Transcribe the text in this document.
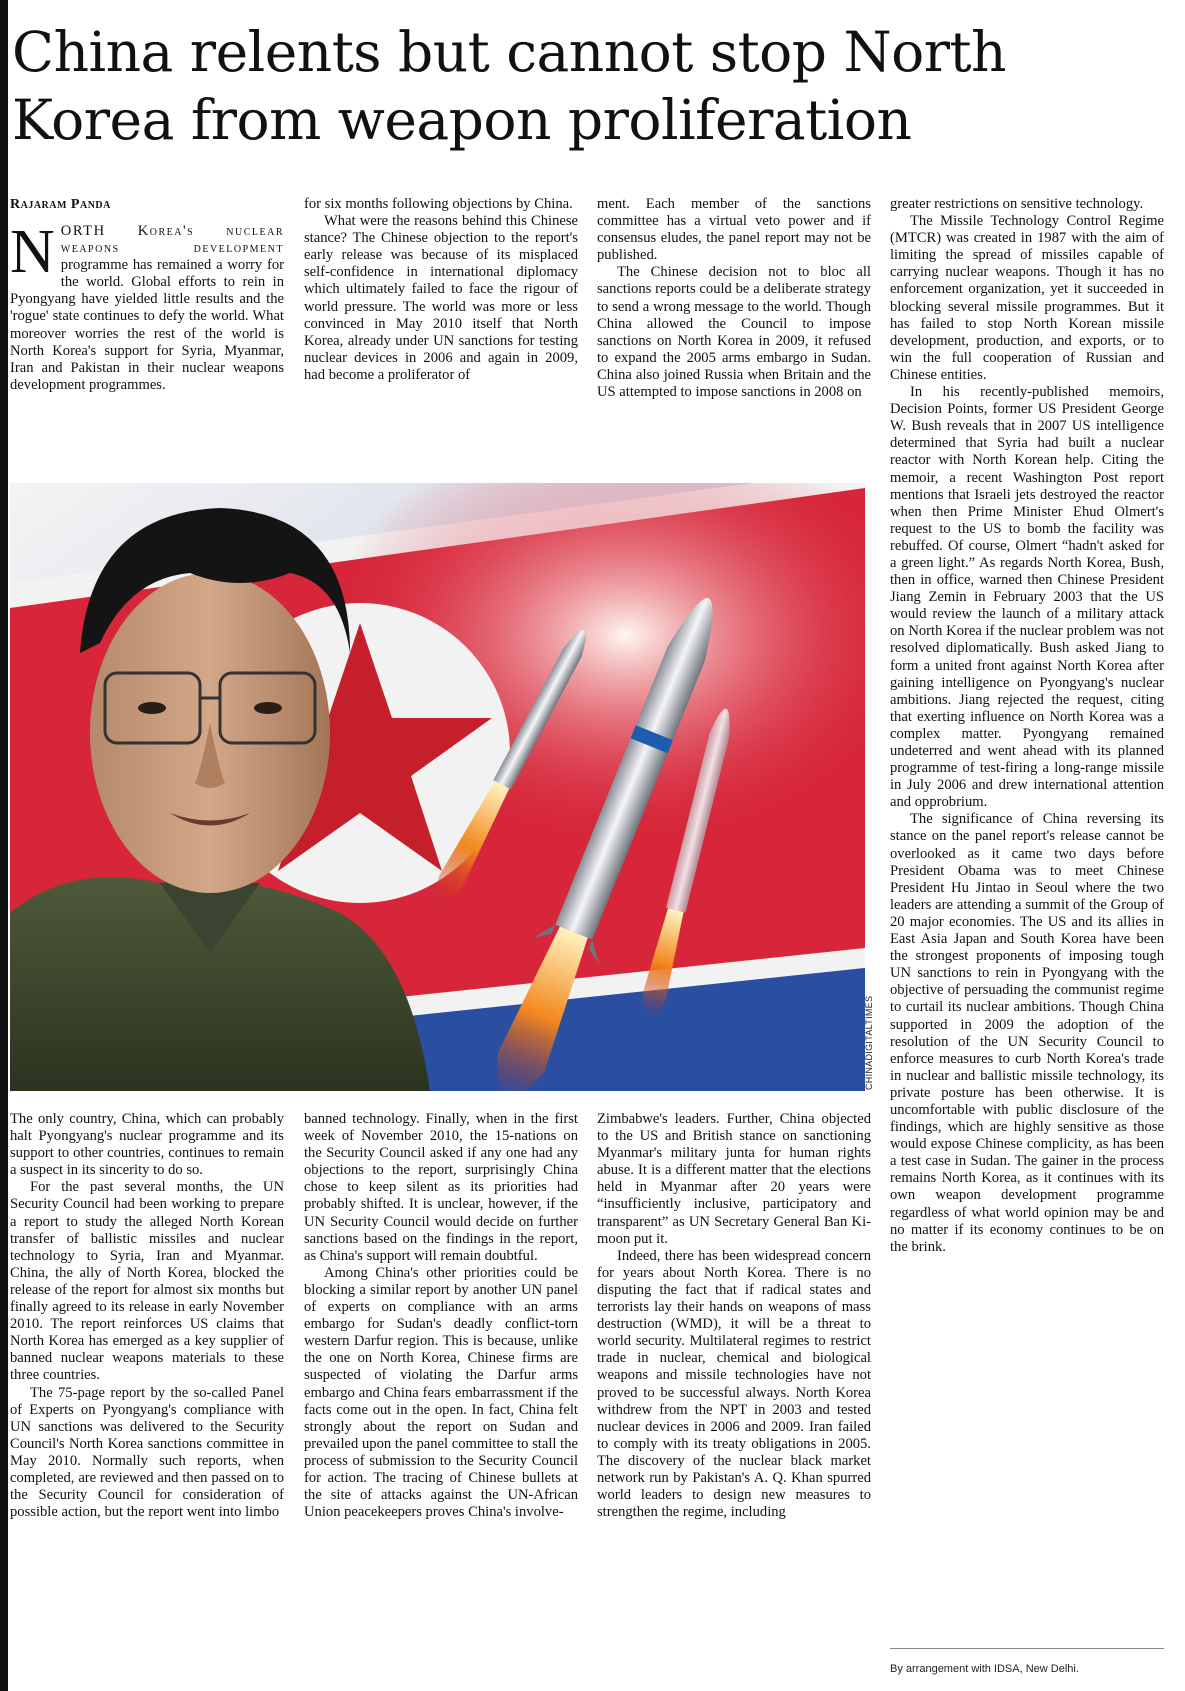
China relents but cannot stop North Korea from weapon proliferation
Rajaram Panda

NORTH Korea's nuclear weapons development programme has remained a worry for the world. Global efforts to rein in Pyongyang have yielded little results and the 'rogue' state continues to defy the world. What moreover worries the rest of the world is North Korea's support for Syria, Myanmar, Iran and Pakistan in their nuclear weapons development programmes.

for six months following objections by China.

What were the reasons behind this Chinese stance? The Chinese objection to the report's early release was because of its misplaced self-confidence in international diplomacy which ultimately failed to face the rigour of world pressure. The world was more or less convinced in May 2010 itself that North Korea, already under UN sanctions for testing nuclear devices in 2006 and again in 2009, had become a proliferator of

ment. Each member of the sanctions committee has a virtual veto power and if consensus eludes, the panel report may not be published.

The Chinese decision not to bloc all sanctions reports could be a deliberate strategy to send a wrong message to the world. Though China allowed the Council to impose sanctions on North Korea in 2009, it refused to expand the 2005 arms embargo in Sudan. China also joined Russia when Britain and the US attempted to impose sanctions in 2008 on

greater restrictions on sensitive technology.

The Missile Technology Control Regime (MTCR) was created in 1987 with the aim of limiting the spread of missiles capable of carrying nuclear weapons. Though it has no enforcement organization, yet it succeeded in blocking several missile programmes. But it has failed to stop North Korean missile development, production, and exports, or to win the full cooperation of Russian and Chinese entities.

In his recently-published memoirs, Decision Points, former US President George W. Bush reveals that in 2007 US intelligence determined that Syria had built a nuclear reactor with North Korean help. Citing the memoir, a recent Washington Post report mentions that Israeli jets destroyed the reactor when then Prime Minister Ehud Olmert's request to the US to bomb the facility was rebuffed. Of course, Olmert “hadn't asked for a green light.” As regards North Korea, Bush, then in office, warned then Chinese President Jiang Zemin in February 2003 that the US would review the launch of a military attack on North Korea if the nuclear problem was not resolved diplomatically. Bush asked Jiang to form a united front against North Korea after gaining intelligence on Pyongyang's nuclear ambitions. Jiang rejected the request, citing that exerting influence on North Korea was a complex matter. Pyongyang remained undeterred and went ahead with its planned programme of test-firing a long-range missile in July 2006 and drew international attention and opprobrium.

The significance of China reversing its stance on the panel report's release cannot be overlooked as it came two days before President Obama was to meet Chinese President Hu Jintao in Seoul where the two leaders are attending a summit of the Group of 20 major economies. The US and its allies in East Asia Japan and South Korea have been the strongest proponents of imposing tough UN sanctions to rein in Pyongyang with the objective of persuading the communist regime to curtail its nuclear ambitions. Though China supported in 2009 the adoption of the resolution of the UN Security Council to enforce measures to curb North Korea's trade in nuclear and ballistic missile technology, its private posture has been otherwise. It is uncomfortable with public disclosure of the findings, which are highly sensitive as those would expose Chinese complicity, as has been a test case in Sudan. The gainer in the process remains North Korea, as it continues with its own weapon development programme regardless of what world opinion may be and no matter if its economy continues to be on the brink.

CHINADIGITALTIMES

The only country, China, which can probably halt Pyongyang's nuclear programme and its support to other countries, continues to remain a suspect in its sincerity to do so.

For the past several months, the UN Security Council had been working to prepare a report to study the alleged North Korean transfer of ballistic missiles and nuclear technology to Syria, Iran and Myanmar. China, the ally of North Korea, blocked the release of the report for almost six months but finally agreed to its release in early November 2010. The report reinforces US claims that North Korea has emerged as a key supplier of banned nuclear weapons materials to these three countries.

The 75-page report by the so-called Panel of Experts on Pyongyang's compliance with UN sanctions was delivered to the Security Council's North Korea sanctions committee in May 2010. Normally such reports, when completed, are reviewed and then passed on to the Security Council for consideration of possible action, but the report went into limbo

banned technology. Finally, when in the first week of November 2010, the 15-nations on the Security Council asked if any one had any objections to the report, surprisingly China chose to keep silent as its priorities had probably shifted. It is unclear, however, if the UN Security Council would decide on further sanctions based on the findings in the report, as China's support will remain doubtful.

Among China's other priorities could be blocking a similar report by another UN panel of experts on compliance with an arms embargo for Sudan's deadly conflict-torn western Darfur region. This is because, unlike the one on North Korea, Chinese firms are suspected of violating the Darfur arms embargo and China fears embarrassment if the facts come out in the open. In fact, China felt strongly about the report on Sudan and prevailed upon the panel committee to stall the process of submission to the Security Council for action. The tracing of Chinese bullets at the site of attacks against the UN-African Union peacekeepers proves China's involve-

Zimbabwe's leaders. Further, China objected to the US and British stance on sanctioning Myanmar's military junta for human rights abuse. It is a different matter that the elections held in Myanmar after 20 years were “insufficiently inclusive, participatory and transparent” as UN Secretary General Ban Ki-moon put it.

Indeed, there has been widespread concern for years about North Korea. There is no disputing the fact that if radical states and terrorists lay their hands on weapons of mass destruction (WMD), it will be a threat to world security. Multilateral regimes to restrict trade in nuclear, chemical and biological weapons and missile technologies have not proved to be successful always. North Korea withdrew from the NPT in 2003 and tested nuclear devices in 2006 and 2009. Iran failed to comply with its treaty obligations in 2005. The discovery of the nuclear black market network run by Pakistan's A. Q. Khan spurred world leaders to design new measures to strengthen the regime, including

By arrangement with IDSA, New Delhi.
